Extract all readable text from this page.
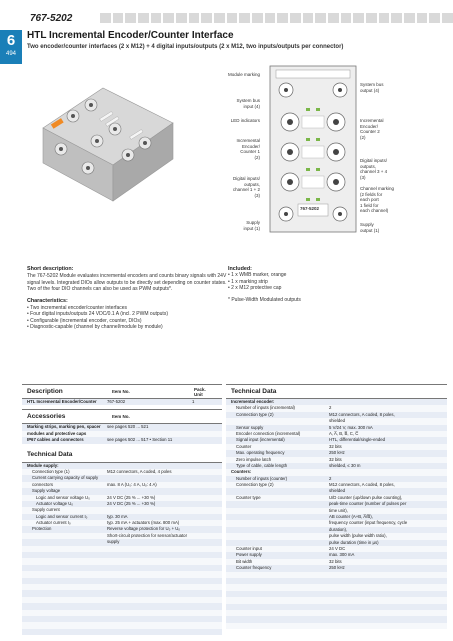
6
494
767-5202
HTL Incremental Encoder/Counter Interface
Two encoder/counter interfaces (2 x M12) + 4 digital inputs/outputs (2 x M12, two inputs/outputs per connector)
Module marking
System bus
input (4)
LED indicators
Incremental
Encoder/
Counter 1
(2)
Digital inputs/
outputs,
channel 1 + 2
(3)
Supply
input (1)
System bus
output (4)
Incremental
Encoder/
Counter 2
(2)
Digital inputs/
outputs,
channel 3 + 4
(3)
Channel marking
(2 fields for
each port
1 field for
each channel)
Supply
output (1)
767-5202
Short description:

The 767-5202 Module evaluates incremental encoders and counts binary signals with 24V signal levels. Integrated DIOs allow outputs to be directly set depending on counter states. Two of the four DIO channels can also be used as PWM outputs*.

Characteristics:
• Two incremental encoder/counter interfaces
• Four digital inputs/outputs 24 VDC/0.1 A (incl. 2 PWM outputs)
• Configurable (incremental encoder, counter, DIOs)
• Diagnostic-capable (channel by channel/module by module)
Included:
• 1 x WMB marker, orange
• 1 x marking strip
• 2 x M12 protective cap

* Pulse-Width Modulated outputs

Description	Item No.	Pack.
Unit
HTL Incremental Encoder/Counter	767-5202	1
Accessories	Item No.
Marking strips, marking pen, spacer	see pages 520 ... 521
modules and protective caps
IP67 cables and connectors	see pages 502 ... 517 • Section 11
Technical Data
Module supply:
Connection type (1)	M12 connectors, A coded, 4 poles
Current carrying capacity of supply
connectors	max. 8 A (U₀: 4 A, Uₒ: 4 A)
Supply voltage
Logic and sensor voltage U₀	24 V DC (25 % ... +30 %)
Actuator voltage Uₒ	24 V DC (25 % ... +30 %)
Supply current
Logic and sensor current I₀	typ. 30 mA
Actuator current Iₒ	typ. 25 mA + actuators (max. 800 mA)
Protection	Reverse voltage protection for U₀ + Uₒ
Short-circuit protection for sensor/actuator
supply
Technical Data
Incremental encoder:
Number of inputs (incremental)	2
Connection type (2)	M12 connectors, A coded, 8 poles,
shielded
Sensor supply	5 V/24 V, max. 300 mA
Encoder connection (incremental)	A, A̅, B, B̅, C, C̅
Signal input (incremental)	HTL, differential/single-ended
Counter	32 bits
Max. operating frequency	250 kHz
Zero impulse latch	32 bits
Type of cable, cable length	shielded, ≤ 30 m
Counters:
Number of inputs (counter)	2
Connection type (2)	M12 connectors, A coded, 8 poles,
shielded
Counter type	U/D counter (up/down pulse counting),
peak-time counter (number of pulses per
time unit),
AB counter (A+B, A̅/B̅),
frequency counter (input frequency, cycle
duration),
pulse width (pulse width ratio),
pulse duration (time in µs)
Counter input	24 V DC
Power supply	max. 300 mA
Bit width	32 bits
Counter frequency	250 kHz
